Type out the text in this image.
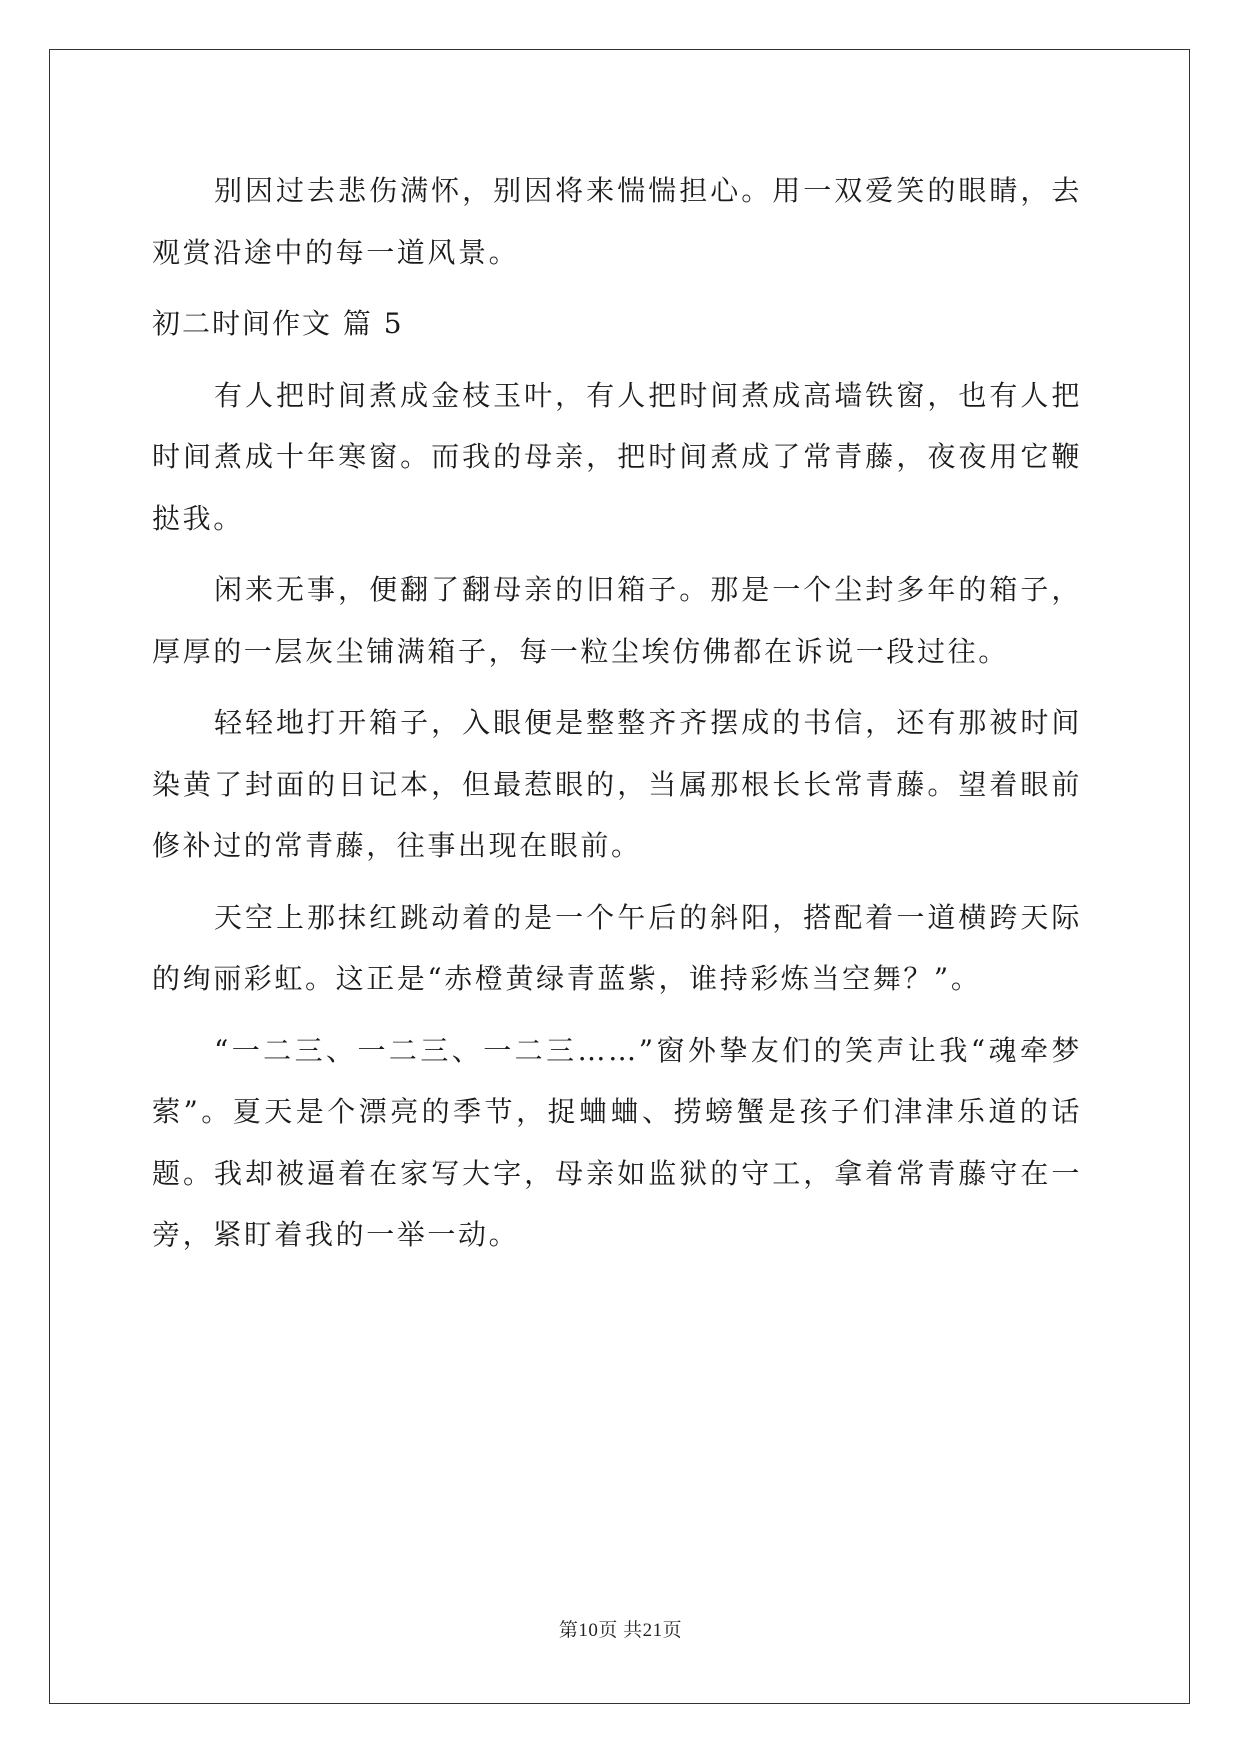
别因过去悲伤满怀，别因将来惴惴担心。用一双爱笑的眼睛，去观赏沿途中的每一道风景。

初二时间作文 篇 5

有人把时间煮成金枝玉叶，有人把时间煮成高墙铁窗，也有人把时间煮成十年寒窗。而我的母亲，把时间煮成了常青藤，夜夜用它鞭挞我。

闲来无事，便翻了翻母亲的旧箱子。那是一个尘封多年的箱子，厚厚的一层灰尘铺满箱子，每一粒尘埃仿佛都在诉说一段过往。

轻轻地打开箱子，入眼便是整整齐齐摆成的书信，还有那被时间染黄了封面的日记本，但最惹眼的，当属那根长长常青藤。望着眼前修补过的常青藤，往事出现在眼前。

天空上那抹红跳动着的是一个午后的斜阳，搭配着一道横跨天际的绚丽彩虹。这正是“赤橙黄绿青蓝紫，谁持彩炼当空舞？”。

“一二三、一二三、一二三……”窗外挚友们的笑声让我“魂牵梦萦”。夏天是个漂亮的季节，捉蛐蛐、捞螃蟹是孩子们津津乐道的话题。我却被逼着在家写大字，母亲如监狱的守工，拿着常青藤守在一旁，紧盯着我的一举一动。

第10页 共21页
